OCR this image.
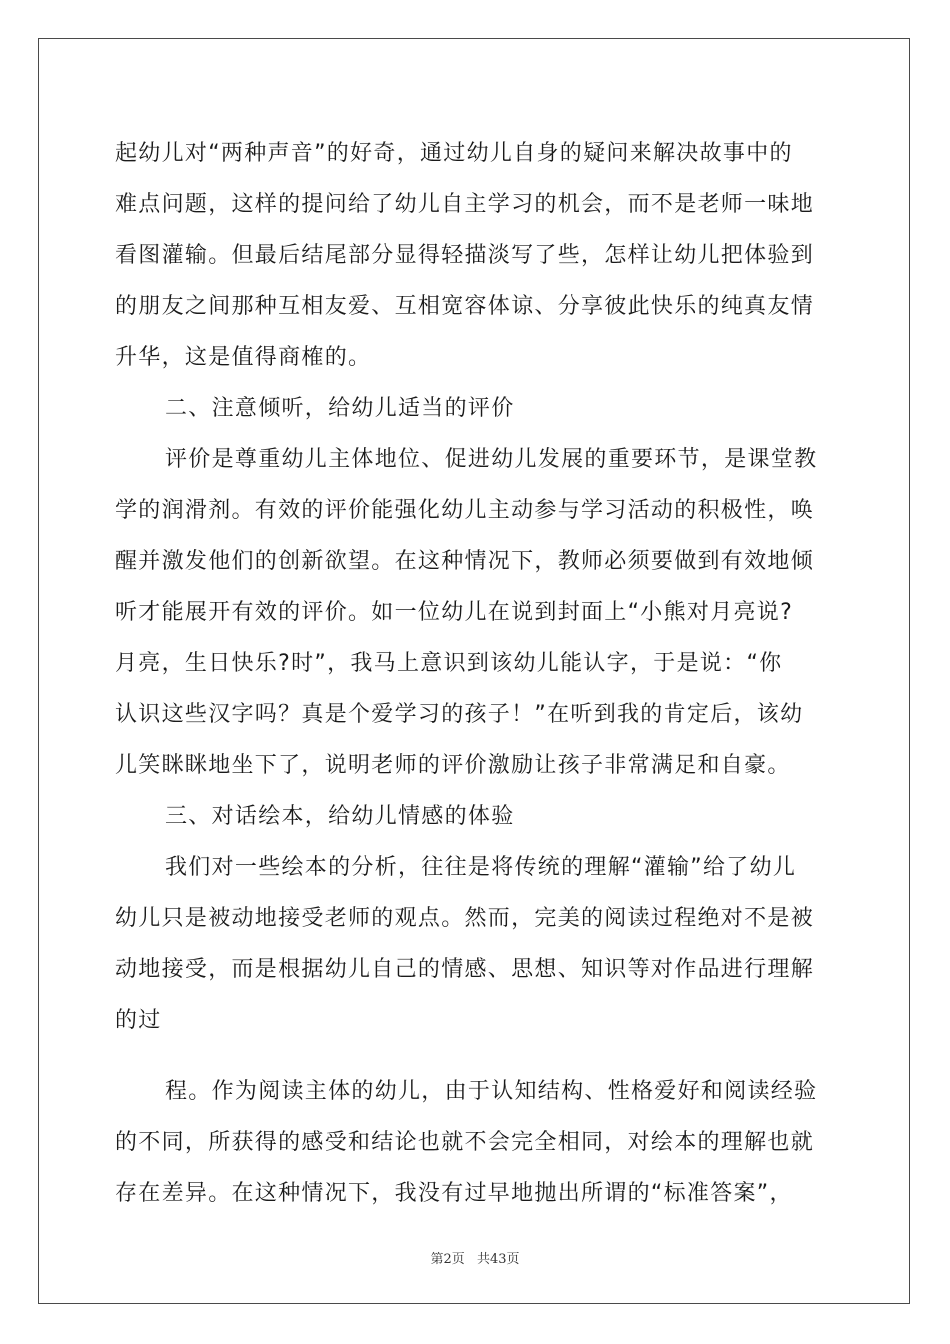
起幼儿对“两种声音”的好奇，通过幼儿自身的疑问来解决故事中的
难点问题，这样的提问给了幼儿自主学习的机会，而不是老师一味地
看图灌输。但最后结尾部分显得轻描淡写了些，怎样让幼儿把体验到
的朋友之间那种互相友爱、互相宽容体谅、分享彼此快乐的纯真友情
升华，这是值得商榷的。
二、注意倾听，给幼儿适当的评价
评价是尊重幼儿主体地位、促进幼儿发展的重要环节，是课堂教
学的润滑剂。有效的评价能强化幼儿主动参与学习活动的积极性，唤
醒并激发他们的创新欲望。在这种情况下，教师必须要做到有效地倾
听才能展开有效的评价。如一位幼儿在说到封面上“小熊对月亮说?
月亮，生日快乐?时”，我马上意识到该幼儿能认字，于是说：“你
认识这些汉字吗？真是个爱学习的孩子！”在听到我的肯定后，该幼
儿笑眯眯地坐下了，说明老师的评价激励让孩子非常满足和自豪。
三、对话绘本，给幼儿情感的体验
我们对一些绘本的分析，往往是将传统的理解“灌输”给了幼儿
幼儿只是被动地接受老师的观点。然而，完美的阅读过程绝对不是被
动地接受，而是根据幼儿自己的情感、思想、知识等对作品进行理解
的过
程。作为阅读主体的幼儿，由于认知结构、性格爱好和阅读经验
的不同，所获得的感受和结论也就不会完全相同，对绘本的理解也就
存在差异。在这种情况下，我没有过早地抛出所谓的“标准答案”，
第2页 共43页
